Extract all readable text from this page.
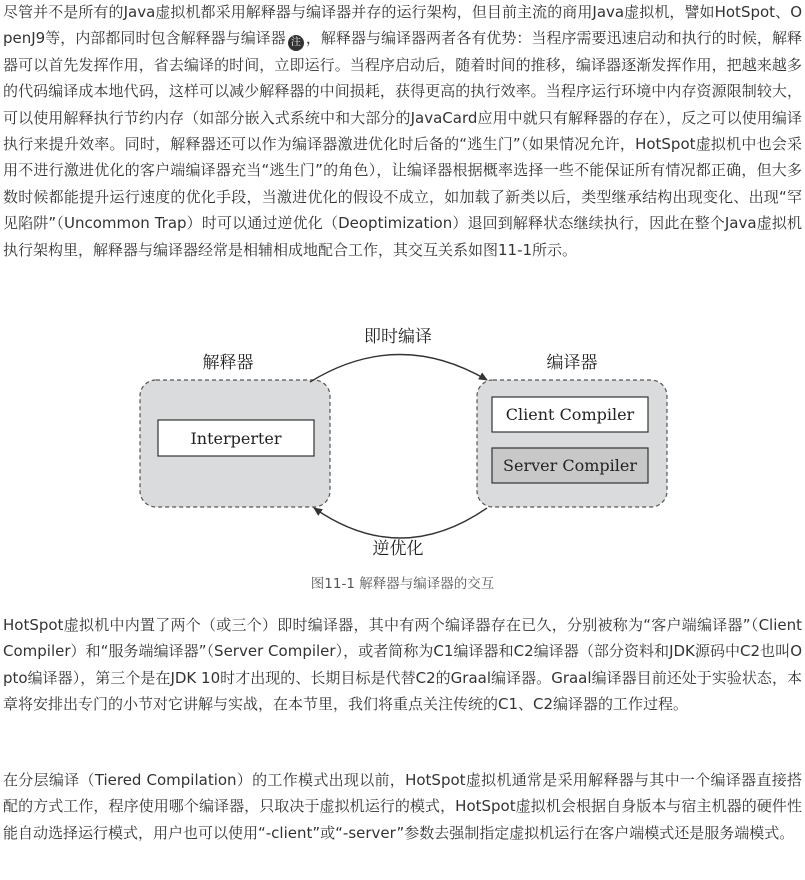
尽管并不是所有的Java虚拟机都采用解释器与编译器并存的运行架构，但目前主流的商用Java虚拟机，譬如HotSpot、OpenJ9等，内部都同时包含解释器与编译器 注 ，解释器与编译器两者各有优势：当程序需要迅速启动和执行的时候，解释器可以首先发挥作用，省去编译的时间，立即运行。当程序启动后，随着时间的推移，编译器逐渐发挥作用，把越来越多的代码编译成本地代码，这样可以减少解释器的中间损耗，获得更高的执行效率。当程序运行环境中内存资源限制较大，可以使用解释执行节约内存（如部分嵌入式系统中和大部分的JavaCard应用中就只有解释器的存在），反之可以使用编译执行来提升效率。同时，解释器还可以作为编译器激进优化时后备的“逃生门”（如果情况允许，HotSpot虚拟机中也会采用不进行激进优化的客户端编译器充当“逃生门”的角色），让编译器根据概率选择一些不能保证所有情况都正确，但大多数时候都能提升运行速度的优化手段，当激进优化的假设不成立，如加载了新类以后，类型继承结构出现变化、出现“罕见陷阱”（Uncommon Trap）时可以通过逆优化（Deoptimization）退回到解释状态继续执行，因此在整个Java虚拟机执行架构里，解释器与编译器经常是相辅相成地配合工作，其交互关系如图11-1所示。

Interperter
Client Compiler
Server Compiler
解释器	编译器
即时编译
逆优化
图11-1 解释器与编译器的交互

HotSpot虚拟机中内置了两个（或三个）即时编译器，其中有两个编译器存在已久，分别被称为“客户端编译器”（Client Compiler）和“服务端编译器”（Server Compiler），或者简称为C1编译器和C2编译器（部分资料和JDK源码中C2也叫Opto编译器），第三个是在JDK 10时才出现的、长期目标是代替C2的Graal编译器。Graal编译器目前还处于实验状态，本章将安排出专门的小节对它讲解与实战，在本节里，我们将重点关注传统的C1、C2编译器的工作过程。

在分层编译（Tiered Compilation）的工作模式出现以前，HotSpot虚拟机通常是采用解释器与其中一个编译器直接搭配的方式工作，程序使用哪个编译器，只取决于虚拟机运行的模式，HotSpot虚拟机会根据自身版本与宿主机器的硬件性能自动选择运行模式，用户也可以使用“-client”或“-server”参数去强制指定虚拟机运行在客户端模式还是服务端模式。
